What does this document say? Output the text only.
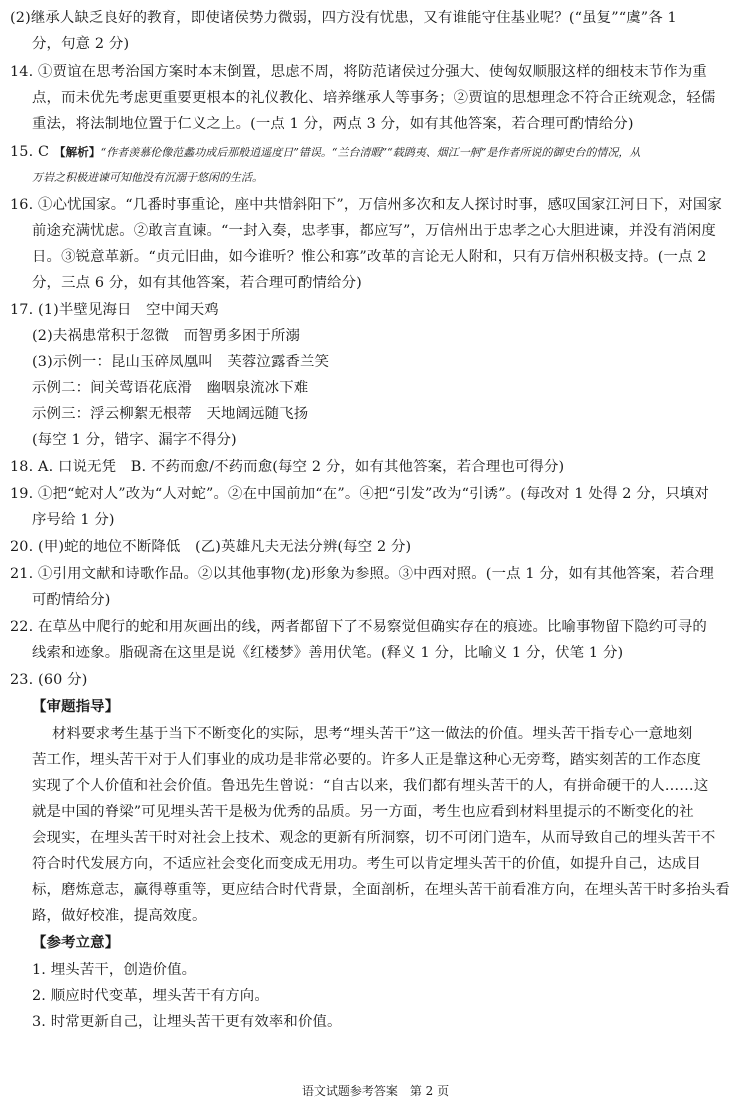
(2)继承人缺乏良好的教育，即使诸侯势力微弱，四方没有忧患，又有谁能守住基业呢？(“虽复”“虞”各 1
分，句意 2 分)
14. ①贾谊在思考治国方案时本末倒置，思虑不周，将防范诸侯过分强大、使匈奴顺服这样的细枝末节作为重
点，而未优先考虑更重要更根本的礼仪教化、培养继承人等事务；②贾谊的思想理念不符合正统观念，轻儒
重法，将法制地位置于仁义之上。(一点 1 分，两点 3 分，如有其他答案，若合理可酌情给分)
15. C 【解析】“作者羡慕伦像范蠡功成后那般逍遥度日”错误。“兰台清暇”“载鹍夷、烟江一舸”是作者所说的御史台的情况，从
万岩之积极进谏可知他没有沉溺于悠闲的生活。
16. ①心忧国家。“几番时事重论，座中共惜斜阳下”，万信州多次和友人探讨时事，感叹国家江河日下，对国家
前途充满忧虑。②敢言直谏。“一封入奏，忠孝事，都应写”，万信州出于忠孝之心大胆进谏，并没有消闲度
日。③锐意革新。“贞元旧曲，如今谁听？惟公和寡”改革的言论无人附和，只有万信州积极支持。(一点 2
分，三点 6 分，如有其他答案，若合理可酌情给分)
17. (1)半壁见海日　空中闻天鸡
(2)夫祸患常积于忽微　而智勇多困于所溺
(3)示例一：昆山玉碎凤凰叫　芙蓉泣露香兰笑
示例二：间关莺语花底滑　幽咽泉流冰下难
示例三：浮云柳絮无根蒂　天地阔远随飞扬
(每空 1 分，错字、漏字不得分)
18. A. 口说无凭　B. 不药而愈/不药而愈(每空 2 分，如有其他答案，若合理也可得分)
19. ①把“蛇对人”改为“人对蛇”。②在中国前加“在”。④把“引发”改为“引诱”。(每改对 1 处得 2 分，只填对
序号给 1 分)
20. (甲)蛇的地位不断降低　(乙)英雄凡夫无法分辨(每空 2 分)
21. ①引用文献和诗歌作品。②以其他事物(龙)形象为参照。③中西对照。(一点 1 分，如有其他答案，若合理
可酌情给分)
22. 在草丛中爬行的蛇和用灰画出的线，两者都留下了不易察觉但确实存在的痕迹。比喻事物留下隐约可寻的
线索和迹象。脂砚斋在这里是说《红楼梦》善用伏笔。(释义 1 分，比喻义 1 分，伏笔 1 分)
23. (60 分)
【审题指导】
材料要求考生基于当下不断变化的实际，思考“埋头苦干”这一做法的价值。埋头苦干指专心一意地刻
苦工作，埋头苦干对于人们事业的成功是非常必要的。许多人正是靠这种心无旁骛，踏实刻苦的工作态度
实现了个人价值和社会价值。鲁迅先生曾说：“自古以来，我们都有埋头苦干的人，有拼命硬干的人……这
就是中国的脊梁”可见埋头苦干是极为优秀的品质。另一方面，考生也应看到材料里提示的不断变化的社
会现实，在埋头苦干时对社会上技术、观念的更新有所洞察，切不可闭门造车，从而导致自己的埋头苦干不
符合时代发展方向，不适应社会变化而变成无用功。考生可以肯定埋头苦干的价值，如提升自己，达成目
标，磨炼意志，赢得尊重等，更应结合时代背景，全面剖析，在埋头苦干前看准方向，在埋头苦干时多抬头看
路，做好校准，提高效度。
【参考立意】
1. 埋头苦干，创造价值。
2. 顺应时代变革，埋头苦干有方向。
3. 时常更新自己，让埋头苦干更有效率和价值。
语文试题参考答案　第 2 页
